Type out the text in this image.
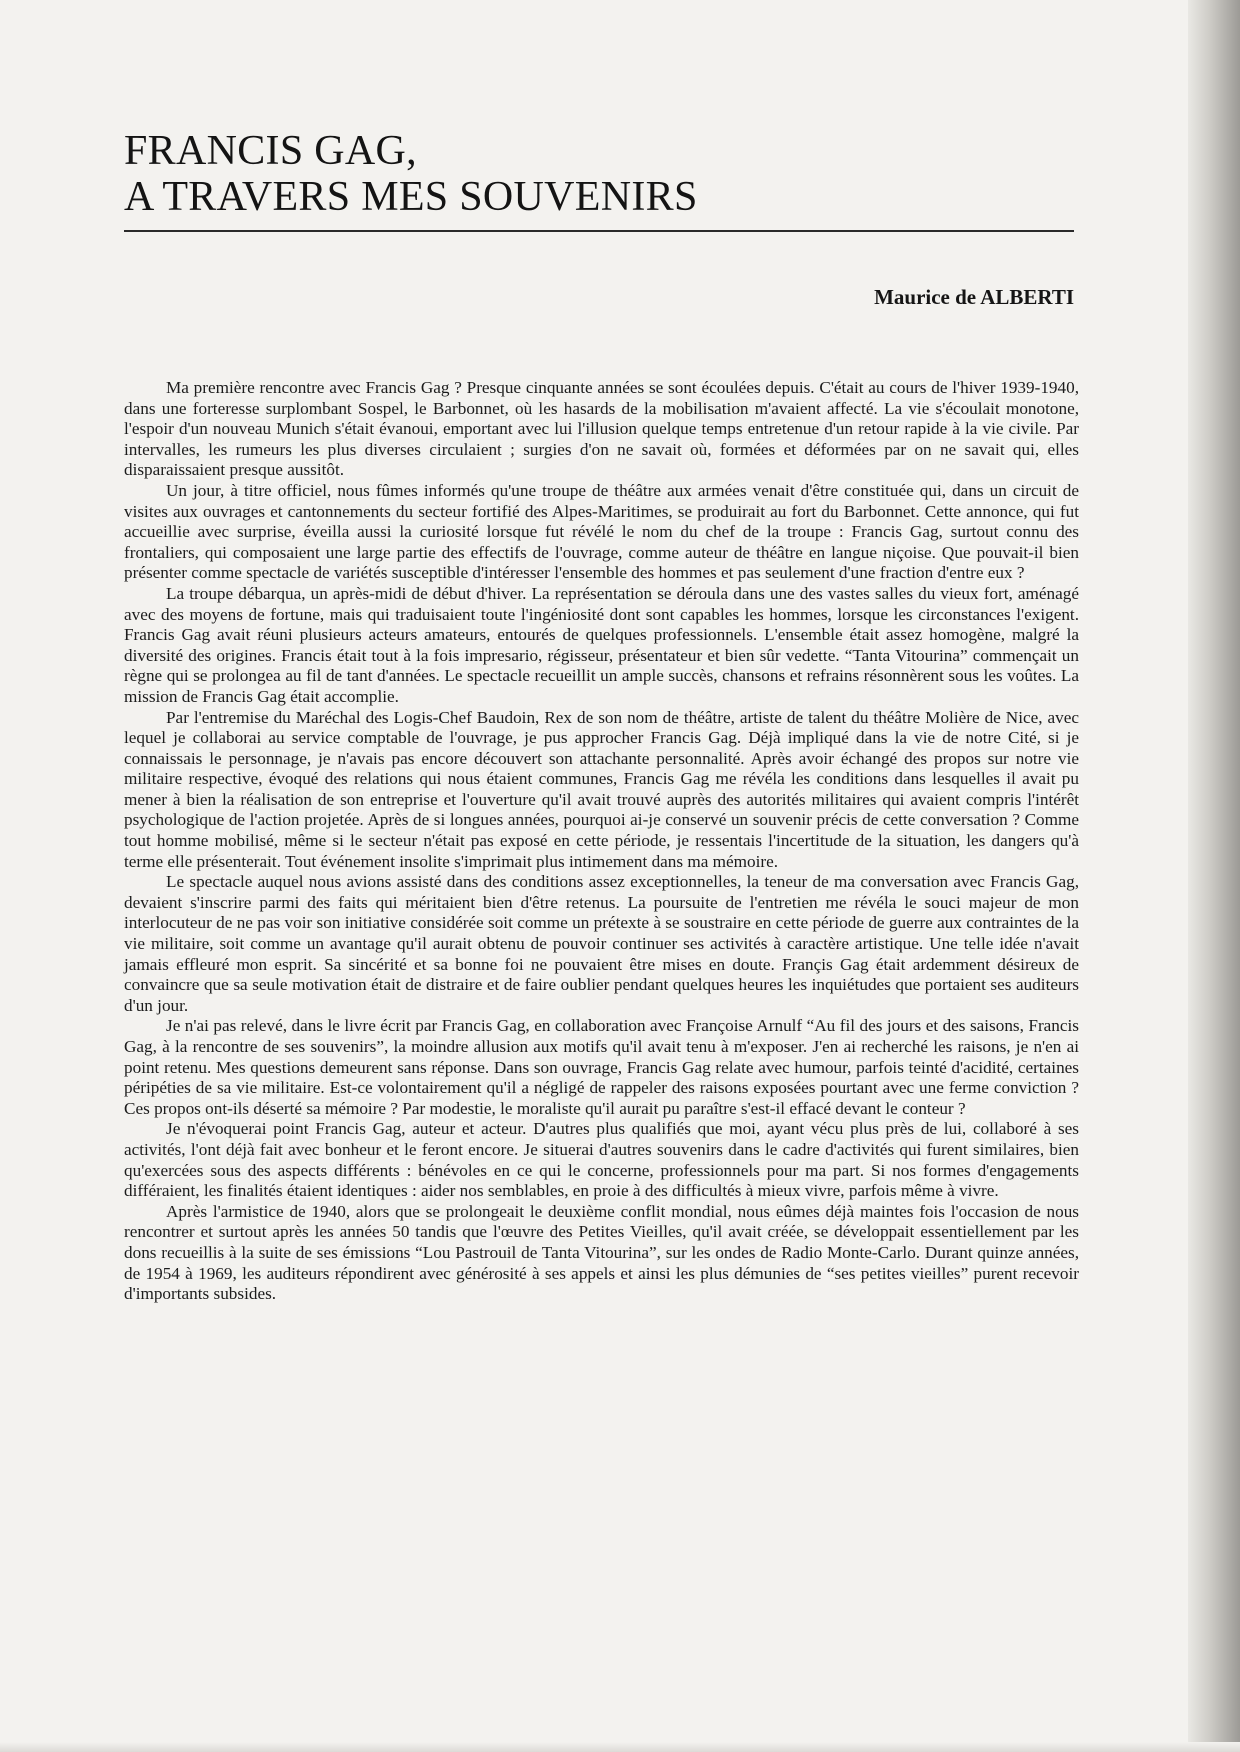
FRANCIS GAG,
A TRAVERS MES SOUVENIRS

Maurice de ALBERTI

Ma première rencontre avec Francis Gag ? Presque cinquante années se sont écoulées depuis. C'était au cours de l'hiver 1939-1940, dans une forteresse surplombant Sospel, le Barbonnet, où les hasards de la mobilisation m'avaient affecté. La vie s'écoulait monotone, l'espoir d'un nouveau Munich s'était évanoui, emportant avec lui l'illusion quelque temps entretenue d'un retour rapide à la vie civile. Par intervalles, les rumeurs les plus diverses circulaient ; surgies d'on ne savait où, formées et déformées par on ne savait qui, elles disparaissaient presque aussitôt.

Un jour, à titre officiel, nous fûmes informés qu'une troupe de théâtre aux armées venait d'être constituée qui, dans un circuit de visites aux ouvrages et cantonnements du secteur fortifié des Alpes-Maritimes, se produirait au fort du Barbonnet. Cette annonce, qui fut accueillie avec surprise, éveilla aussi la curiosité lorsque fut révélé le nom du chef de la troupe : Francis Gag, surtout connu des frontaliers, qui composaient une large partie des effectifs de l'ouvrage, comme auteur de théâtre en langue niçoise. Que pouvait-il bien présenter comme spectacle de variétés susceptible d'intéresser l'ensemble des hommes et pas seulement d'une fraction d'entre eux ?

La troupe débarqua, un après-midi de début d'hiver. La représentation se déroula dans une des vastes salles du vieux fort, aménagé avec des moyens de fortune, mais qui traduisaient toute l'ingéniosité dont sont capables les hommes, lorsque les circonstances l'exigent. Francis Gag avait réuni plusieurs acteurs amateurs, entourés de quelques professionnels. L'ensemble était assez homogène, malgré la diversité des origines. Francis était tout à la fois impresario, régisseur, présentateur et bien sûr vedette. “Tanta Vitourina” commençait un règne qui se prolongea au fil de tant d'années. Le spectacle recueillit un ample succès, chansons et refrains résonnèrent sous les voûtes. La mission de Francis Gag était accomplie.

Par l'entremise du Maréchal des Logis-Chef Baudoin, Rex de son nom de théâtre, artiste de talent du théâtre Molière de Nice, avec lequel je collaborai au service comptable de l'ouvrage, je pus approcher Francis Gag. Déjà impliqué dans la vie de notre Cité, si je connaissais le personnage, je n'avais pas encore découvert son attachante personnalité. Après avoir échangé des propos sur notre vie militaire respective, évoqué des relations qui nous étaient communes, Francis Gag me révéla les conditions dans lesquelles il avait pu mener à bien la réalisation de son entreprise et l'ouverture qu'il avait trouvé auprès des autorités militaires qui avaient compris l'intérêt psychologique de l'action projetée. Après de si longues années, pourquoi ai-je conservé un souvenir précis de cette conversation ? Comme tout homme mobilisé, même si le secteur n'était pas exposé en cette période, je ressentais l'incertitude de la situation, les dangers qu'à terme elle présenterait. Tout événement insolite s'imprimait plus intimement dans ma mémoire.

Le spectacle auquel nous avions assisté dans des conditions assez exceptionnelles, la teneur de ma conversation avec Francis Gag, devaient s'inscrire parmi des faits qui méritaient bien d'être retenus. La poursuite de l'entretien me révéla le souci majeur de mon interlocuteur de ne pas voir son initiative considérée soit comme un prétexte à se soustraire en cette période de guerre aux contraintes de la vie militaire, soit comme un avantage qu'il aurait obtenu de pouvoir continuer ses activités à caractère artistique. Une telle idée n'avait jamais effleuré mon esprit. Sa sincérité et sa bonne foi ne pouvaient être mises en doute. Françis Gag était ardemment désireux de convaincre que sa seule motivation était de distraire et de faire oublier pendant quelques heures les inquiétudes que portaient ses auditeurs d'un jour.

Je n'ai pas relevé, dans le livre écrit par Francis Gag, en collaboration avec Françoise Arnulf “Au fil des jours et des saisons, Francis Gag, à la rencontre de ses souvenirs”, la moindre allusion aux motifs qu'il avait tenu à m'exposer. J'en ai recherché les raisons, je n'en ai point retenu. Mes questions demeurent sans réponse. Dans son ouvrage, Francis Gag relate avec humour, parfois teinté d'acidité, certaines péripéties de sa vie militaire. Est-ce volontairement qu'il a négligé de rappeler des raisons exposées pourtant avec une ferme conviction ? Ces propos ont-ils déserté sa mémoire ? Par modestie, le moraliste qu'il aurait pu paraître s'est-il effacé devant le conteur ?

Je n'évoquerai point Francis Gag, auteur et acteur. D'autres plus qualifiés que moi, ayant vécu plus près de lui, collaboré à ses activités, l'ont déjà fait avec bonheur et le feront encore. Je situerai d'autres souvenirs dans le cadre d'activités qui furent similaires, bien qu'exercées sous des aspects différents : bénévoles en ce qui le concerne, professionnels pour ma part. Si nos formes d'engagements différaient, les finalités étaient identiques : aider nos semblables, en proie à des difficultés à mieux vivre, parfois même à vivre.

Après l'armistice de 1940, alors que se prolongeait le deuxième conflit mondial, nous eûmes déjà maintes fois l'occasion de nous rencontrer et surtout après les années 50 tandis que l'œuvre des Petites Vieilles, qu'il avait créée, se développait essentiellement par les dons recueillis à la suite de ses émissions “Lou Pastrouil de Tanta Vitourina”, sur les ondes de Radio Monte-Carlo. Durant quinze années, de 1954 à 1969, les auditeurs répondirent avec générosité à ses appels et ainsi les plus démunies de “ses petites vieilles” purent recevoir d'importants subsides.
